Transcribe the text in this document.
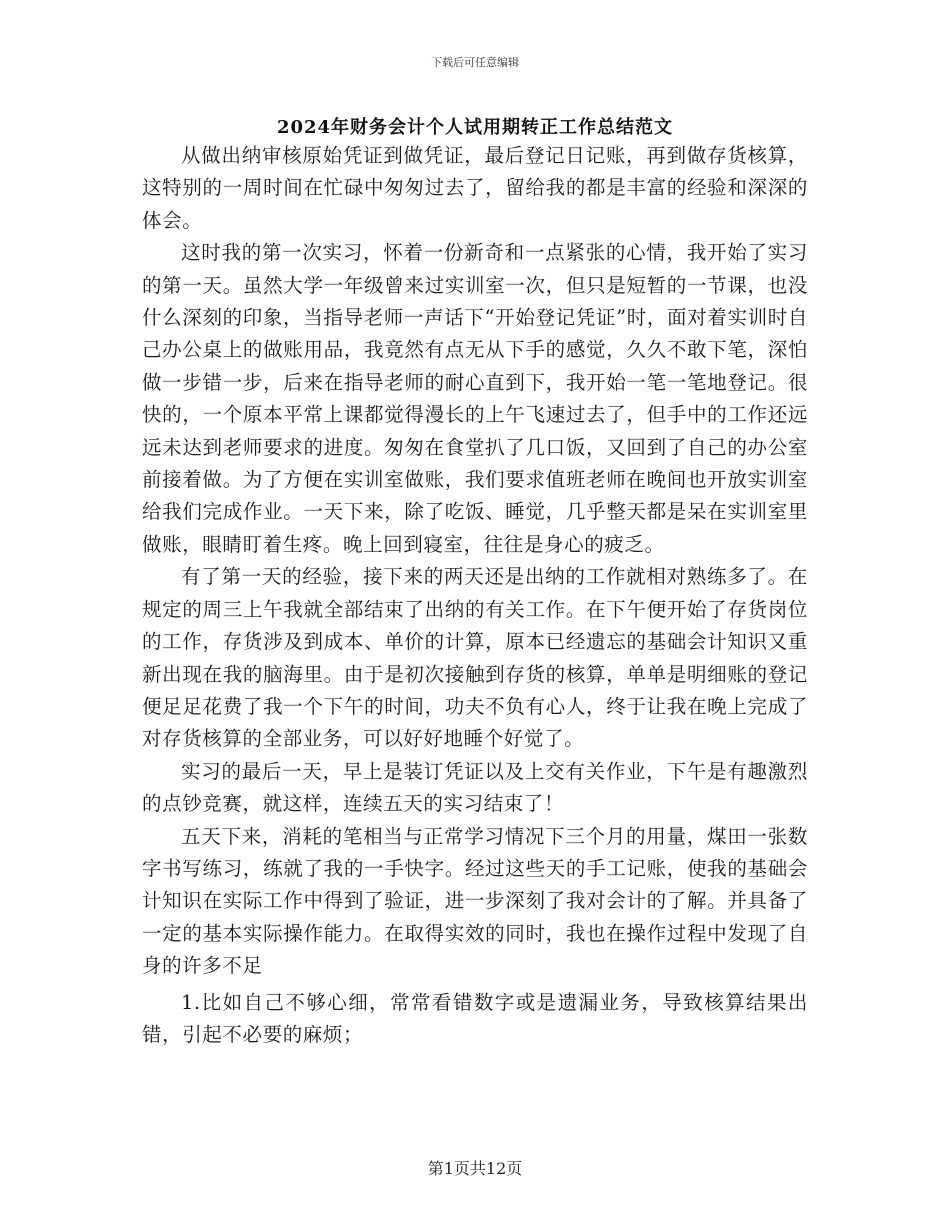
下载后可任意编辑
2024年财务会计个人试用期转正工作总结范文

从做出纳审核原始凭证到做凭证，最后登记日记账，再到做存货核算，这特别的一周时间在忙碌中匆匆过去了，留给我的都是丰富的经验和深深的体会。

这时我的第一次实习，怀着一份新奇和一点紧张的心情，我开始了实习的第一天。虽然大学一年级曾来过实训室一次，但只是短暂的一节课，也没什么深刻的印象，当指导老师一声话下“开始登记凭证”时，面对着实训时自己办公桌上的做账用品，我竟然有点无从下手的感觉，久久不敢下笔，深怕做一步错一步，后来在指导老师的耐心直到下，我开始一笔一笔地登记。很快的，一个原本平常上课都觉得漫长的上午飞速过去了，但手中的工作还远远未达到老师要求的进度。匆匆在食堂扒了几口饭，又回到了自己的办公室前接着做。为了方便在实训室做账，我们要求值班老师在晚间也开放实训室给我们完成作业。一天下来，除了吃饭、睡觉，几乎整天都是呆在实训室里做账，眼睛盯着生疼。晚上回到寝室，往往是身心的疲乏。

有了第一天的经验，接下来的两天还是出纳的工作就相对熟练多了。在规定的周三上午我就全部结束了出纳的有关工作。在下午便开始了存货岗位的工作，存货涉及到成本、单价的计算，原本已经遗忘的基础会计知识又重新出现在我的脑海里。由于是初次接触到存货的核算，单单是明细账的登记便足足花费了我一个下午的时间，功夫不负有心人，终于让我在晚上完成了对存货核算的全部业务，可以好好地睡个好觉了。

实习的最后一天，早上是装订凭证以及上交有关作业，下午是有趣激烈的点钞竞赛，就这样，连续五天的实习结束了！

五天下来，消耗的笔相当与正常学习情况下三个月的用量，煤田一张数字书写练习，练就了我的一手快字。经过这些天的手工记账，使我的基础会计知识在实际工作中得到了验证，进一步深刻了我对会计的了解。并具备了一定的基本实际操作能力。在取得实效的同时，我也在操作过程中发现了自身的许多不足

1.比如自己不够心细，常常看错数字或是遗漏业务，导致核算结果出错，引起不必要的麻烦；

第1页共12页
